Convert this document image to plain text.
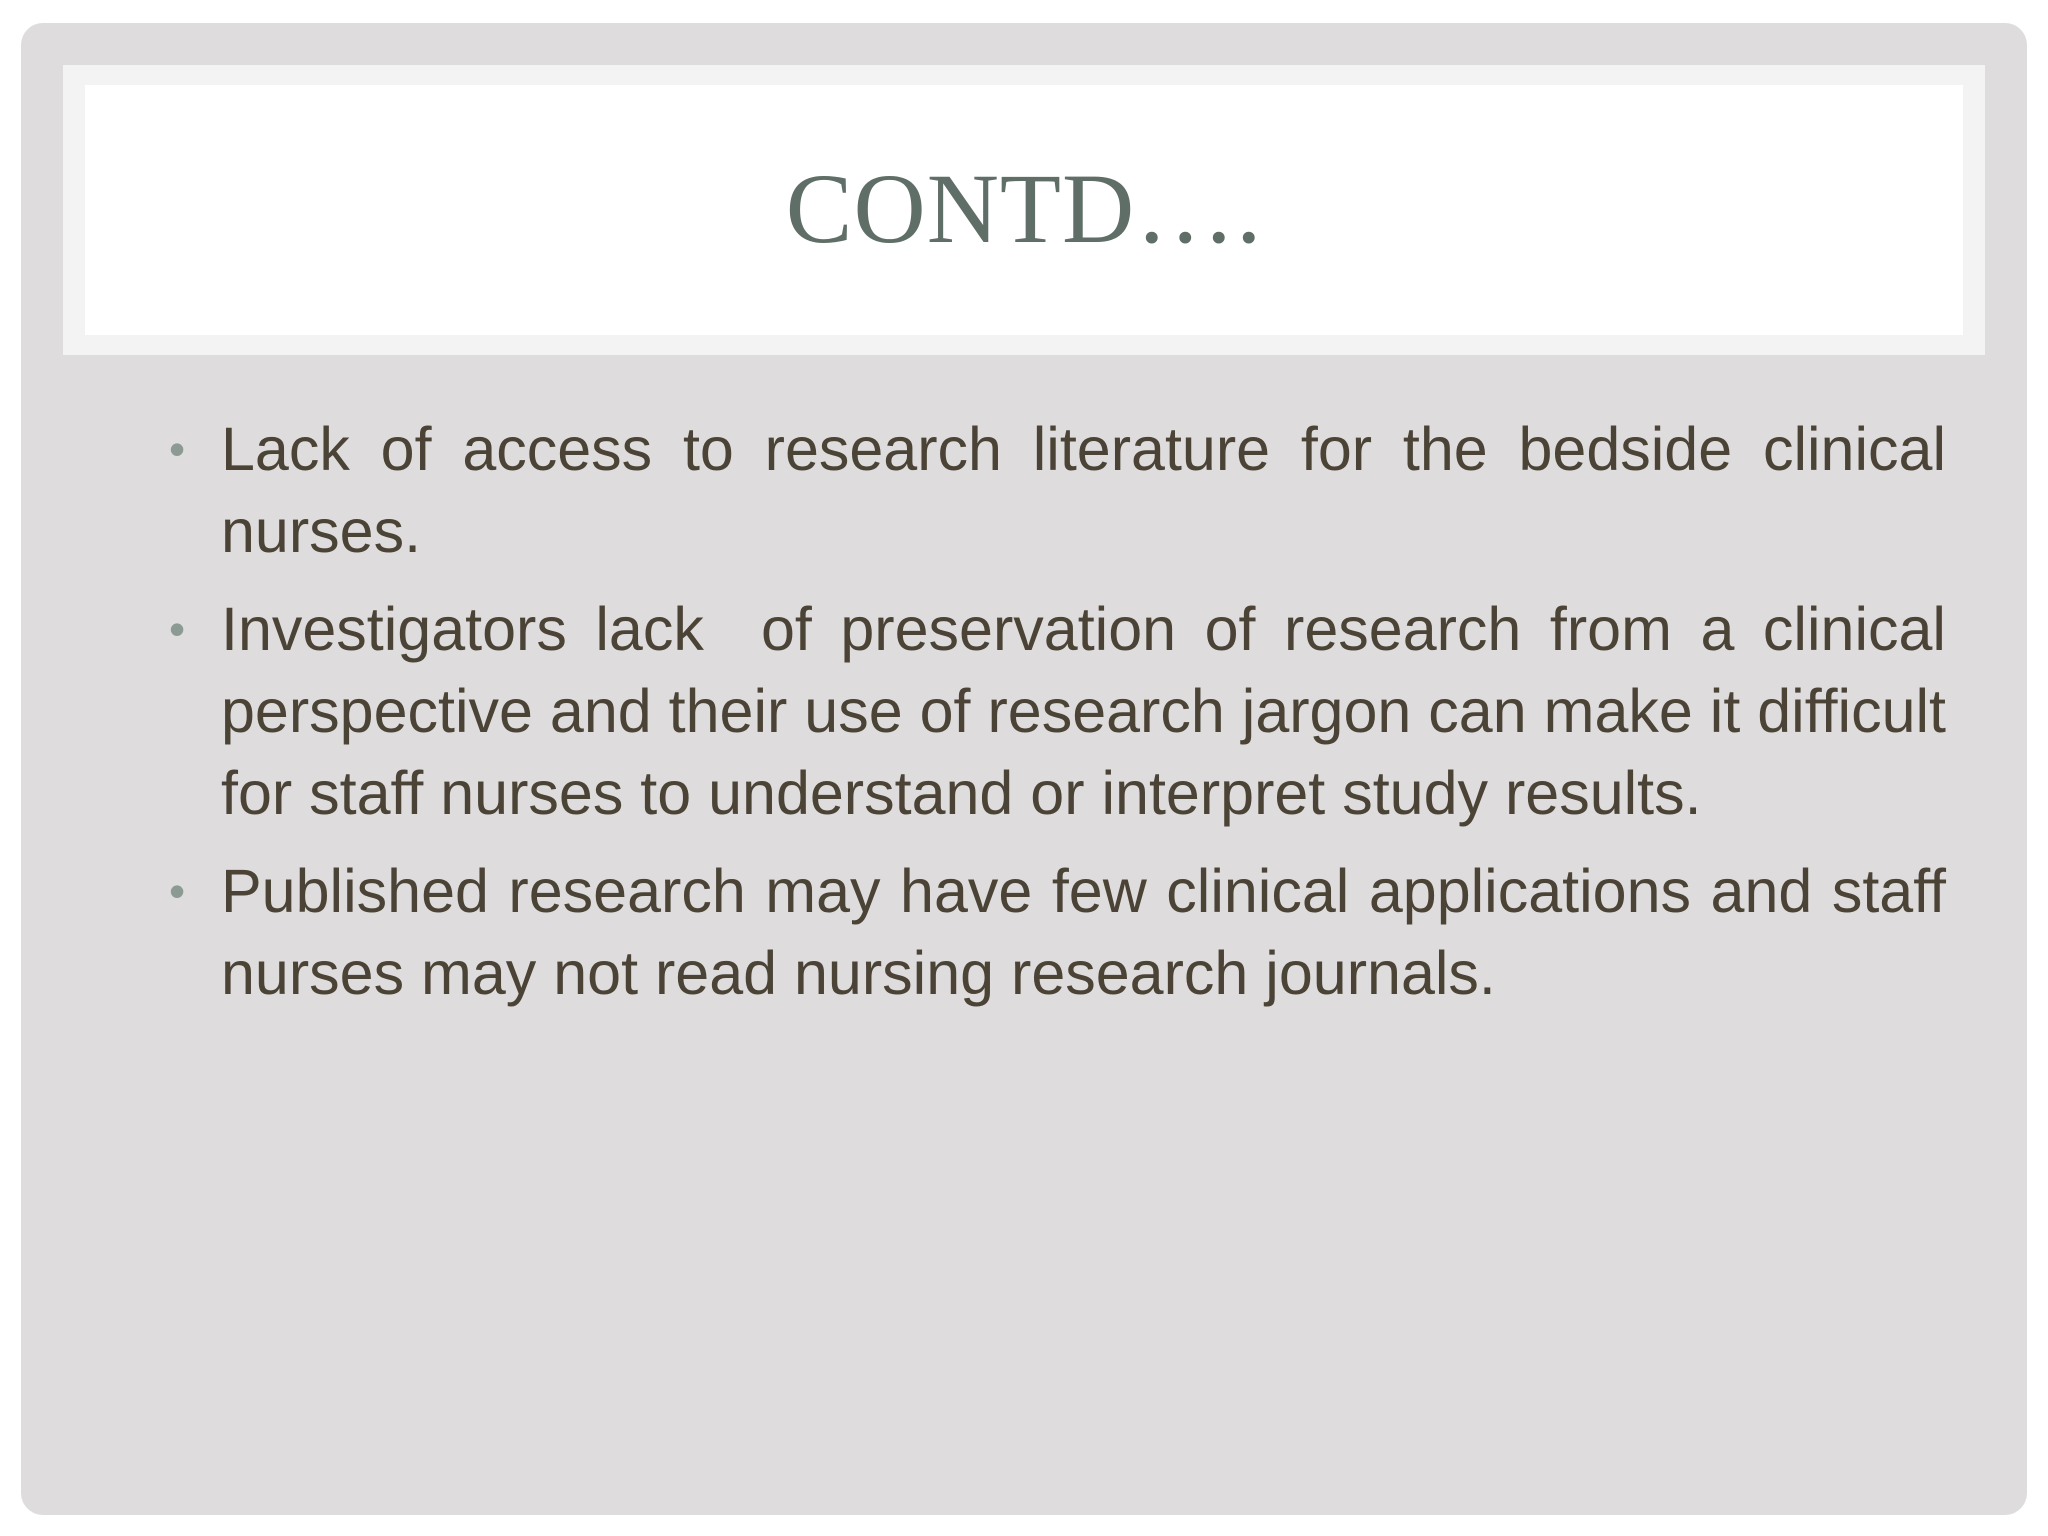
CONTD….
• Lack of access to research literature for the bedside clinical nurses.
• Investigators lack  of preservation of research from a clinical perspective and their use of research jargon can make it difficult for staff nurses to understand or interpret study results.
• Published research may have few clinical applications and staff nurses may not read nursing research journals.
